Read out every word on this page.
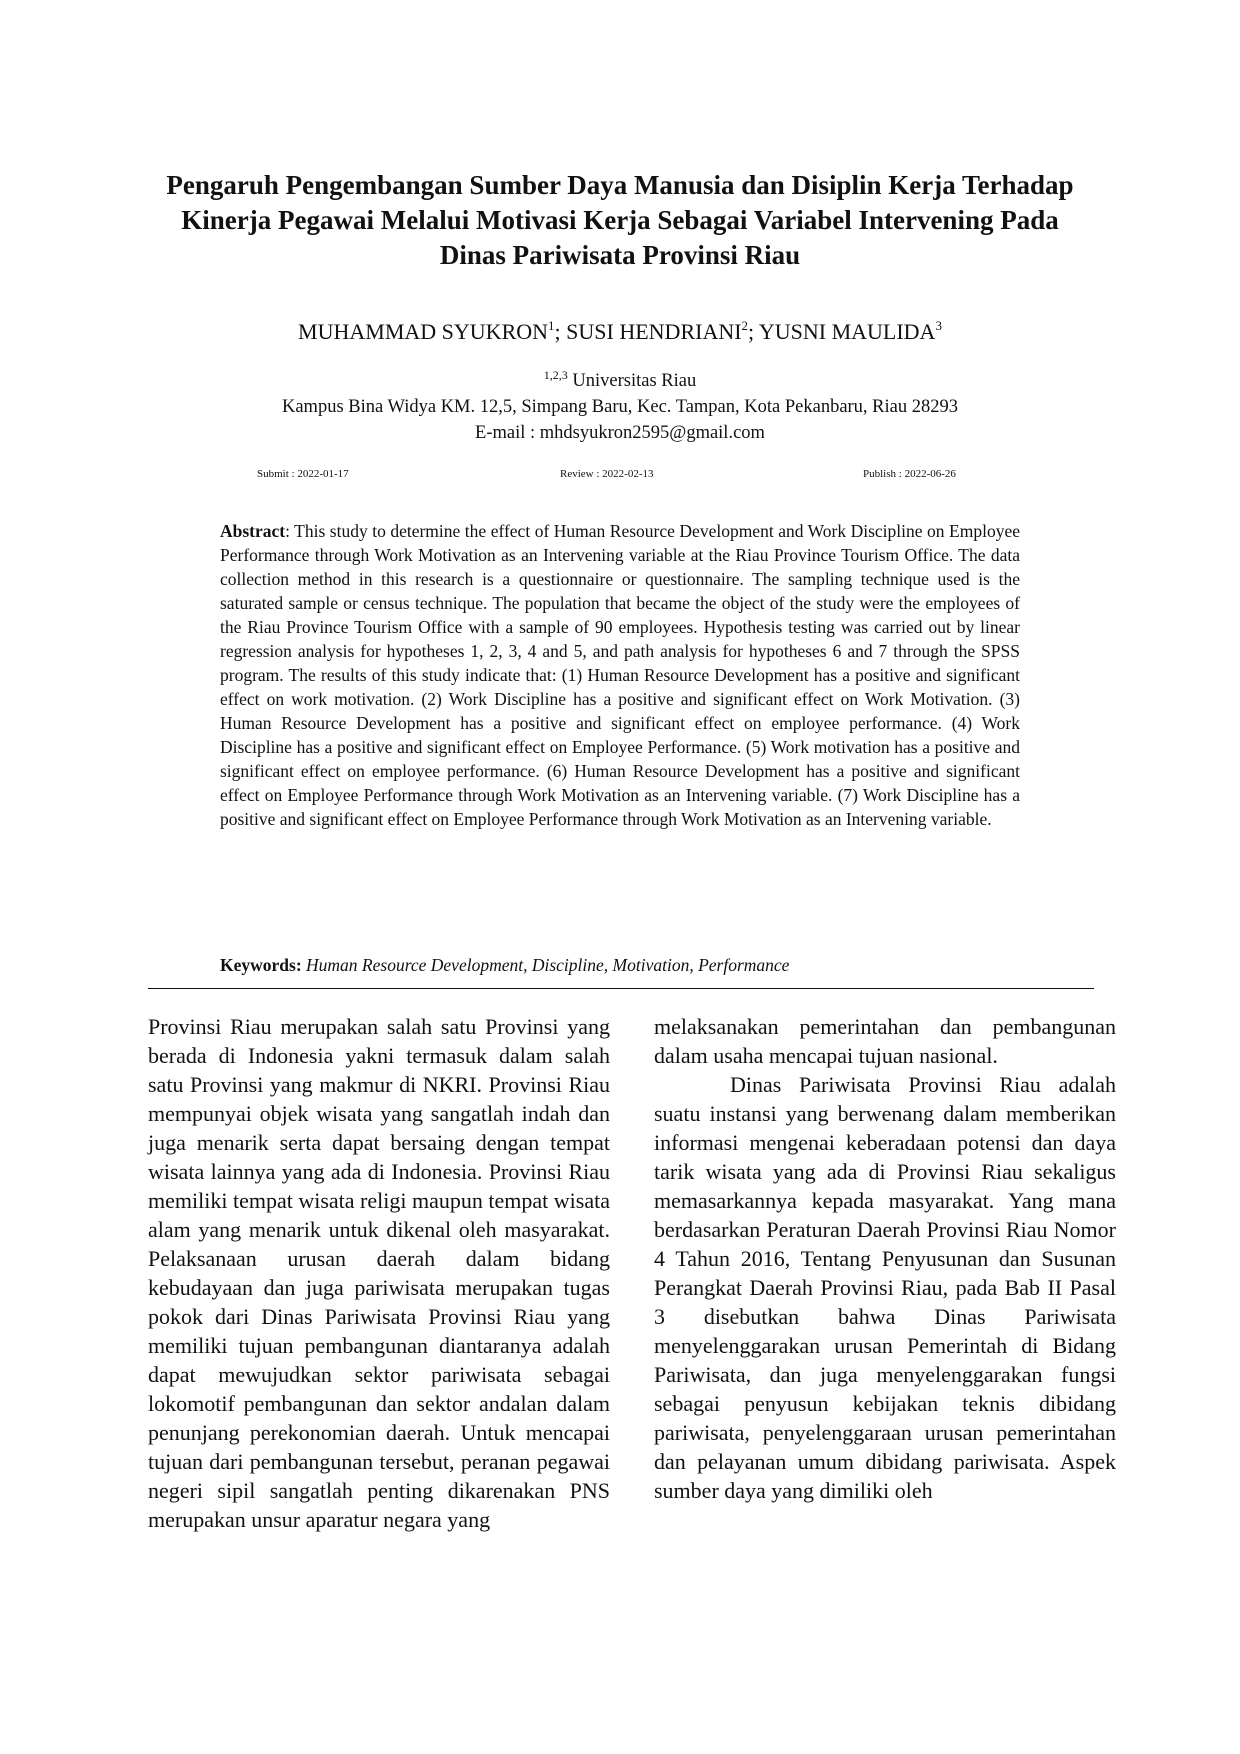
Pengaruh Pengembangan Sumber Daya Manusia dan Disiplin Kerja Terhadap Kinerja Pegawai Melalui Motivasi Kerja Sebagai Variabel Intervening Pada Dinas Pariwisata Provinsi Riau
MUHAMMAD SYUKRON$^1$; SUSI HENDRIANI$^2$; YUSNI MAULIDA$^3$
$^{1,2,3}$ Universitas Riau
Kampus Bina Widya KM. 12,5, Simpang Baru, Kec. Tampan, Kota Pekanbaru, Riau 28293
E-mail : mhdsyukron2595@gmail.com
Submit : 2022-01-17	Review : 2022-02-13	Publish : 2022-06-26

Abstract: This study to determine the effect of Human Resource Development and Work Discipline on Employee Performance through Work Motivation as an Intervening variable at the Riau Province Tourism Office. The data collection method in this research is a questionnaire or questionnaire. The sampling technique used is the saturated sample or census technique. The population that became the object of the study were the employees of the Riau Province Tourism Office with a sample of 90 employees. Hypothesis testing was carried out by linear regression analysis for hypotheses 1, 2, 3, 4 and 5, and path analysis for hypotheses 6 and 7 through the SPSS program. The results of this study indicate that: (1) Human Resource Development has a positive and significant effect on work motivation. (2) Work Discipline has a positive and significant effect on Work Motivation. (3) Human Resource Development has a positive and significant effect on employee performance. (4) Work Discipline has a positive and significant effect on Employee Performance. (5) Work motivation has a positive and significant effect on employee performance. (6) Human Resource Development has a positive and significant effect on Employee Performance through Work Motivation as an Intervening variable. (7) Work Discipline has a positive and significant effect on Employee Performance through Work Motivation as an Intervening variable.

Keywords: Human Resource Development, Discipline, Motivation, Performance

Provinsi Riau merupakan salah satu Provinsi yang berada di Indonesia yakni termasuk dalam salah satu Provinsi yang makmur di NKRI. Provinsi Riau mempunyai objek wisata yang sangatlah indah dan juga menarik serta dapat bersaing dengan tempat wisata lainnya yang ada di Indonesia. Provinsi Riau memiliki tempat wisata religi maupun tempat wisata alam yang menarik untuk dikenal oleh masyarakat. Pelaksanaan urusan daerah dalam bidang kebudayaan dan juga pariwisata merupakan tugas pokok dari Dinas Pariwisata Provinsi Riau yang memiliki tujuan pembangunan diantaranya adalah dapat mewujudkan sektor pariwisata sebagai lokomotif pembangunan dan sektor andalan dalam penunjang perekonomian daerah. Untuk mencapai tujuan dari pembangunan tersebut, peranan pegawai negeri sipil sangatlah penting dikarenakan PNS merupakan unsur aparatur negara yang

melaksanakan pemerintahan dan pembangunan dalam usaha mencapai tujuan nasional.

Dinas Pariwisata Provinsi Riau adalah suatu instansi yang berwenang dalam memberikan informasi mengenai keberadaan potensi dan daya tarik wisata yang ada di Provinsi Riau sekaligus memasarkannya kepada masyarakat. Yang mana berdasarkan Peraturan Daerah Provinsi Riau Nomor 4 Tahun 2016, Tentang Penyusunan dan Susunan Perangkat Daerah Provinsi Riau, pada Bab II Pasal 3 disebutkan bahwa Dinas Pariwisata menyelenggarakan urusan Pemerintah di Bidang Pariwisata, dan juga menyelenggarakan fungsi sebagai penyusun kebijakan teknis dibidang pariwisata, penyelenggaraan urusan pemerintahan dan pelayanan umum dibidang pariwisata. Aspek sumber daya yang dimiliki oleh
